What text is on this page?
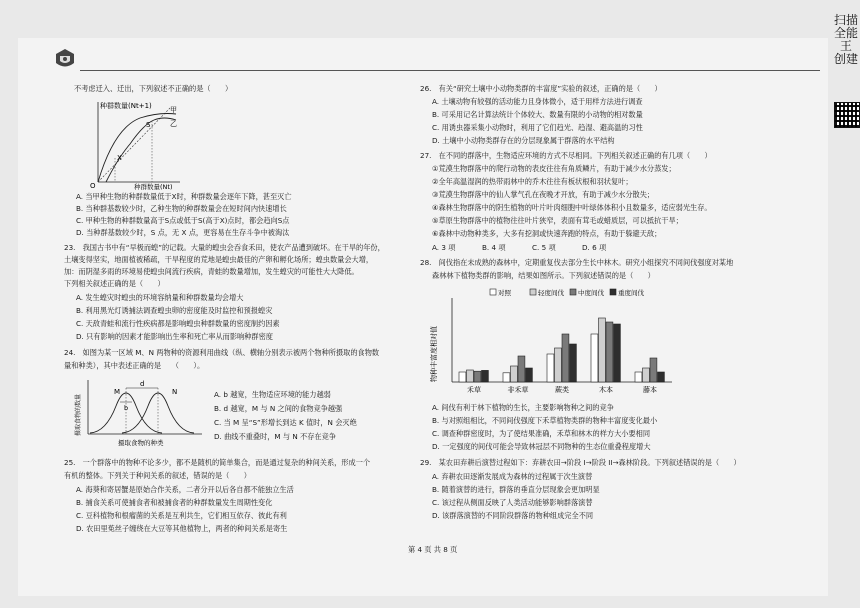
扫描全能王 创建
不考虑迁入、迁出，下列叙述不正确的是（　　）
种群数量(Nt+1)
种群数量(Nt)
甲
乙
S
X
O
A. 当甲种生物的种群数量低于X时，种群数量会逐年下降，甚至灭亡
B. 当种群基数较少时，乙种生物的种群数量会在短时间内快速增长
C. 甲种生物的种群数量高于S点或低于S(高于X)点时，都会趋向S点
D. 当种群基数较少时，S 点，无 X 点，更容易在生存斗争中被淘汰
23.　我国古书中有“早极而蝗”的记载。大量的蝗虫会吞食禾田，使农产品遭到破坏。在干旱的年份，
土壤变得坚实，地面植被稀疏，干旱程度的荒地是蝗虫最佳的产卵和孵化场所；蝗虫数量会大增，
加：而阴湿多雨的环境易使蝗虫间流行疾病，青蛙的数量增加，发生蝗灾的可能性大大降低。
下列相关叙述正确的是（　　）
A. 发生蝗灾时蝗虫的环境容纳量和种群数量均会增大
B. 利用黑光灯诱捕法调查蝗虫卵的密度能及时监控和预报蝗灾
C. 天敌青蛙和流行性疾病都是影响蝗虫种群数量的密度制约因素
D. 只有影响的因素才能影响出生率和死亡率从而影响种群密度
24.　如图为某一区域 M、N 两物种的资源利用曲线（纵、横轴分别表示被两个物种所摄取的食物数
量和种类），其中表述正确的是　　（　　）。
M	N
d
b
摄取食物的数量
摄取食物的种类
A. b 越宽，生物适应环境的能力越弱
B. d 越宽，M 与 N 之间的食物竞争越强
C. 当 M 呈“S”形增长到达 K 值时，N 会灭绝
D. 曲线不重叠时，M 与 N 不存在竞争
25.　一个群落中的物种不论多少，都不是随机的简单集合，而是通过复杂的种间关系，形成一个
有机的整体。下列关于种间关系的叙述，错误的是（　　）
A. 海葵和寄居蟹是原始合作关系，二者分开以后各自都不能独立生活
B. 捕食关系可使捕食者和被捕食者的种群数量发生周期性变化
C. 豆科植物和根瘤菌的关系是互利共生，它们相互依存、彼此有利
D. 农田里菟丝子缠绕在大豆等其他植物上，两者的种间关系是寄生
26.　有关“研究土壤中小动物类群的丰富度”实验的叙述，正确的是（　　）
A. 土壤动物有较强的活动能力且身体微小，适于用样方法进行调查
B. 可采用记名计算法统计个体较大、数量有限的小动物的相对数量
C. 用诱虫器采集小动物时，利用了它们趋光、趋湿、避高温的习性
D. 土壤中小动物类群存在的分层现象属于群落的水平结构
27.　在不同的群落中，生物适应环境的方式不尽相同。下列相关叙述正确的有几项（　　）
①荒漠生物群落中的爬行动物的表皮往往有角质鳞片，有助于减少水分蒸发；
②全年高温湿润的热带雨林中的乔木往往有板状根和羽状复叶；
③荒漠生物群落中的仙人掌气孔在夜晚才开放，有助于减少水分散失；
④森林生物群落中的阴生植物的叶片叶肉细胞中叶绿体体积小且数量多，适应弱光生存。
⑤草原生物群落中的植物往往叶片狭窄，表面有茸毛或蜡质层，可以抵抗干旱；
⑥森林中动物种类多，大多有挖洞或快速奔跑的特点，有助于躲避天敌；
A. 3 项	B. 4 项	C. 5 项	D. 6 项
28.　间伐指在未成熟的森林中，定期重复伐去部分生长中林木。研究小组探究不同间伐强度对某地
森林林下植物类群的影响，结果如图所示。下列叙述错误的是（　　）
物种丰富度相对值
对照	轻度间伐 中度间伐 重度间伐
禾草	非禾草	蕨类	木本	藤本
A. 间伐有利于林下植物的生长，主要影响物种之间的竞争
B. 与对照组相比，不同间伐强度下禾草植物类群的物种丰富度变化最小
C. 调查种群密度时，为了使结果准确，禾草和林木的样方大小要相同
D. 一定强度的间伐可能会导致林冠层不同物种的生态位重叠程度增大
29.　某农田弃耕后演替过程如下：弃耕农田→阶段 I→阶段 II→森林阶段。下列叙述错误的是（　　）
A. 弃耕农田逐渐发展成为森林的过程属于次生演替
B. 随着演替的进行，群落的垂直分层现象会更加明显
C. 该过程从侧面反映了人类活动能够影响群落演替
D. 该群落演替的不同阶段群落的物种组成完全不同
第 4 页 共 8 页
